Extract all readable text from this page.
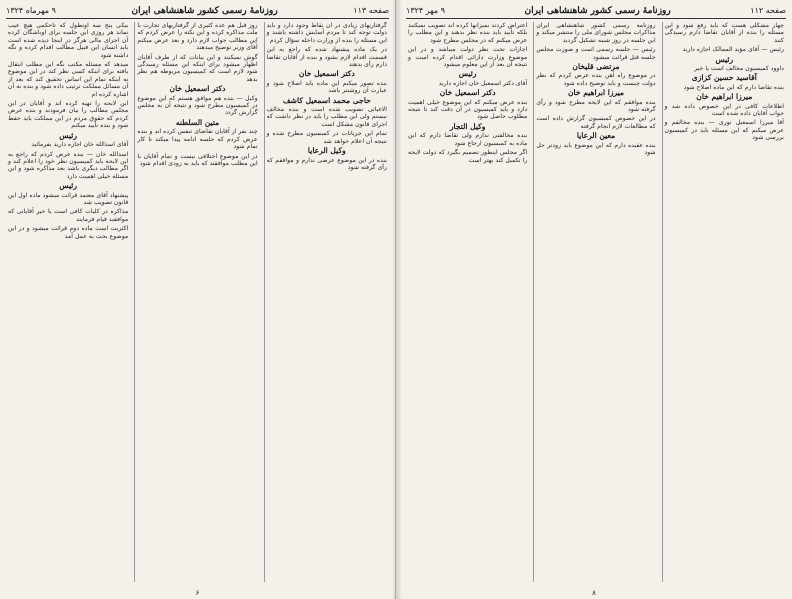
صفحه ۱۱۳
روزنامهٔ رسمی کشور شاهنشاهی ایران
۹ مهرماه ۱۳۲۴

گرفتاریهای زیادی در آن نقاط وجود دارد و باید دولت توجه کند تا مردم آسایش داشته باشند و این مسئله را بنده از وزارت داخله سؤال کردم

در یک ماده پیشنهاد شده که راجع به این قسمت اقدام لازم بشود و بنده از آقایان تقاضا دارم رأی بدهند

دکتر اسمعیل خان

بنده تصور میکنم این ماده باید اصلاح شود و عبارت آن روشنتر باشد

حاجی محمد اسمعیل کاشف

الاغیاثی تصویب شده است و بنده مخالف نیستم ولی این مطلب را باید در نظر داشت که اجرای قانون مشکل است

تمام این جریانات در کمیسیون مطرح شده و نتیجه آن اعلام خواهد شد

وکیل الرعایا

بنده در این موضوع عرضی ندارم و موافقم که رأی گرفته شود

روز قبل هم عده کثیری از گرفتاریهای تجارت با ملت مذاکره کرده و این نکته را عرض کردم که این مطالب جواب لازم دارد و بعد عرض میکنم آقای وزیر توضیح میدهند

گوش نمیکنند و این بیانات که از طرف آقایان اظهار میشود برای اینکه این مسئله رسیدگی شود لازم است که کمیسیون مربوطه هم نظر بدهد

دکتر اسمعیل خان

وکیل — بنده هم موافق هستم که این موضوع در کمیسیون مطرح شود و نتیجه آن به مجلس گزارش گردد

متین السلطنه

چند نفر از آقایان تقاضای تنفس کرده اند و بنده عرض کردم که جلسه ادامه پیدا میکند تا کار تمام شود

در این موضوع اختلافی نیست و تمام آقایان با این مطلب موافقند که باید به زودی اقدام شود

بیکی پنج سه اوتطول که تاحکمی هیچ عیب نماند هر روزی این جلسه برای اوباشگان کرده آن اجرای مالی هرگز در اینجا دیده شده است باید انسان این قبیل مطالب اقدام کرده و نگه داشته شود

میدهد که مسئله مکتب نگه این مطلب انتقال یافته برای اینکه کسی نظر کند در این موضوع نه اینکه تمام این اساس تحقیق کند که بعد از آن مسائل مملکت ترتیب داده شود و بنده به آن اشاره کرده ام

این لایحه را تهیه کرده اند و آقایان در این مجلس مطالب را بیان فرمودند و بنده عرض کردم که حقوق مردم در این مملکت باید حفظ شود و بنده تأیید میکنم

رئیس

آقای اسدالله خان اجازه دارید بفرمائید

اسدالله خان — بنده عرض کردم که راجع به این لایحه باید کمیسیون نظر خود را اعلام کند و اگر مطالب دیگری باشد بعد مذاکره شود و این مسئله خیلی اهمیت دارد

رئیس

پیشنهاد آقای معتمد قرائت میشود ماده اول این قانون تصویب شد

مذاکره در کلیات کافی است یا خیر آقایانی که موافقند قیام فرمایند

اکثریت است ماده دوم قرائت میشود و در این موضوع بحث به عمل آمد

۶
صفحه ۱۱۲
روزنامهٔ رسمی کشور شاهنشاهی ایران
۹ مهر ۱۳۲۴

چهار مشکلی هست که باید رفع شود و این مسئله را بنده از آقایان تقاضا دارم رسیدگی کنند

رئیس — آقای مؤید الممالک اجازه دارید

رئیس

داوود کمیسیون مخالف است یا خیر

آقاسید حسین کزازی

بنده تقاضا دارم که این ماده اصلاح شود

میرزا ابراهیم خان

اطلاعات کافی در این خصوص داده شد و جواب آقایان داده شده است

آقا میرزا اسمعیل نوری — بنده مخالفم و عرض میکنم که این مسئله باید در کمیسیون بررسی شود

روزنامه رسمی کشور شاهنشاهی ایران مذاکرات مجلس شورای ملی را منتشر میکند و این جلسه در روز شنبه تشکیل گردید

رئیس — جلسه رسمی است و صورت مجلس جلسه قبل قرائت میشود

مرتضی قلیخان

در موضوع راه آهن بنده عرض کردم که نظر دولت چیست و باید توضیح داده شود

میرزا ابراهیم خان

بنده موافقم که این لایحه مطرح شود و رأی گرفته شود

در این خصوص کمیسیون گزارش داده است که مطالعات لازم انجام گرفته

معین الرعایا

بنده عقیده دارم که این موضوع باید زودتر حل شود

اعتراض کردند بمیزانها کرده اند تصویب نمیکنند بلکه تأیید باید بنده نظر بدهند و این مطلب را عرض میکنم که در مجلس مطرح شود

اجازات تحت نظر دولت میباشد و در این موضوع وزارت دارائی اقدام کرده است و نتیجه آن بعد از این معلوم میشود

رئیس

آقای دکتر اسمعیل خان اجازه دارید

دکتر اسمعیل خان

بنده عرض میکنم که این موضوع خیلی اهمیت دارد و باید کمیسیون در آن دقت کند تا نتیجه مطلوب حاصل شود

وکیل التجار

بنده مخالفتی ندارم ولی تقاضا دارم که این ماده به کمیسیون ارجاع شود

اگر مجلس اینطور تصمیم بگیرد که دولت لایحه را تکمیل کند بهتر است

۸
